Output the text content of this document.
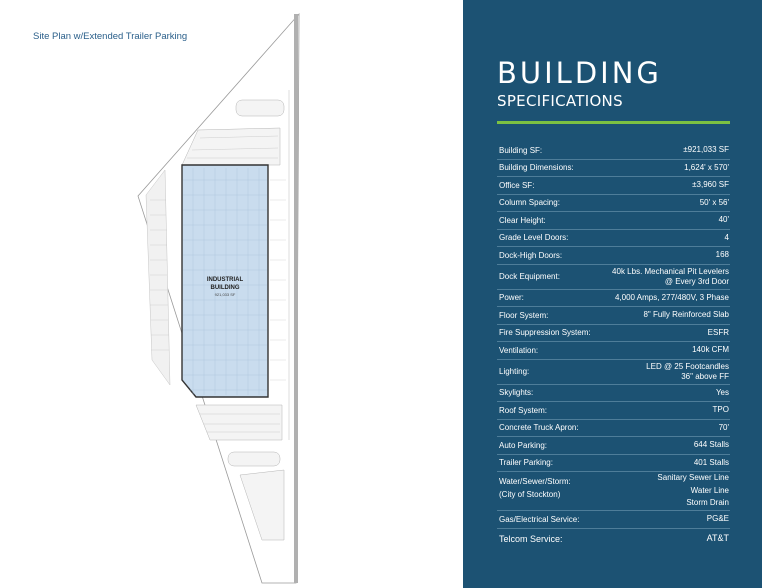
INDUSTRIAL
BUILDING
921,033 SF
Site Plan w/Extended Trailer Parking
BUILDING
SPECIFICATIONS
Building SF:	±921,033 SF
Building Dimensions:	1,624' x 570'
Office SF:	±3,960 SF
Column Spacing:	50' x 56'
Clear Height:	40'
Grade Level Doors:	4
Dock-High Doors:	168
Dock Equipment:
40k Lbs. Mechanical Pit Levelers
@ Every 3rd Door
Power:	4,000 Amps, 277/480V, 3 Phase
Floor System:	8" Fully Reinforced Slab
Fire Suppression System:	ESFR
Ventilation:	140k CFM
Lighting:
LED @ 25 Footcandles
36" above FF
Skylights:	Yes
Roof System:	TPO
Concrete Truck Apron:	70'
Auto Parking:	644 Stalls
Trailer Parking:	401 Stalls
Water/Sewer/Storm:
(City of Stockton)
Sanitary Sewer Line
Water Line
Storm Drain
Gas/Electrical Service:	PG&E
Telcom Service:	AT&T
